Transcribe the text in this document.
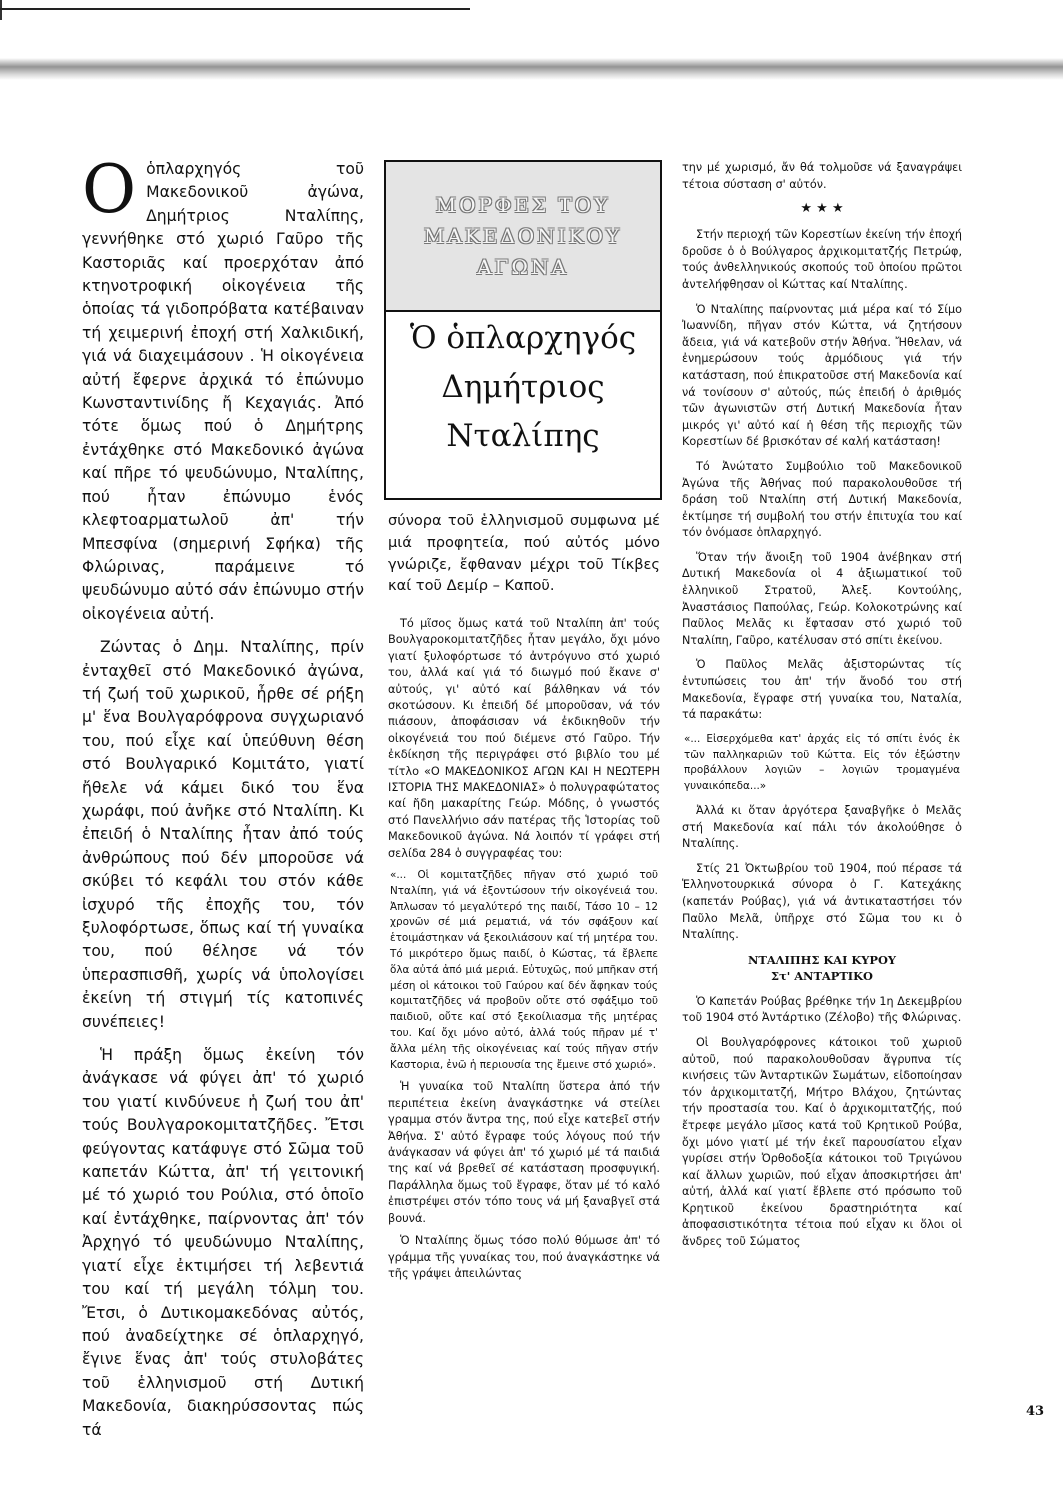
Ο ὁπλαρχηγός τοῦ Μακεδονικοῦ ἀγώνα, Δημήτριος Νταλίπης, γεννήθηκε στό χωριό Γαῦρο τῆς Καστοριᾶς καί προερχόταν ἀπό κτηνοτροφική οἰκογένεια τῆς ὁποίας τά γιδοπρόβατα κατέβαιναν τή χειμερινή ἐποχή στή Χαλκιδική, γιά νά διαχειμάσουν . Ἡ οἰκογένεια αὐτή ἔφερνε ἀρχικά τό ἐπώνυμο Κωνσταντινίδης ἤ Κεχαγιάς. Ἀπό τότε ὅμως πού ὁ Δημήτρης ἐντάχθηκε στό Μακεδονικό ἀγώνα καί πῆρε τό ψευδώνυμο, Νταλίπης, πού ἦταν ἐπώνυμο ἑνός κλεφτοαρματωλοῦ ἀπ' τήν Μπεσφίνα (σημερινή Σφήκα) τῆς Φλώρινας, παράμεινε τό ψευδώνυμο αὐτό σάν ἐπώνυμο στήν οἰκογένεια αὐτή.

Ζώντας ὁ Δημ. Νταλίπης, πρίν ἐνταχθεῖ στό Μακεδονικό ἀγώνα, τή ζωή τοῦ χωρικοῦ, ἦρθε σέ ρήξη μ' ἕνα Βουλγαρόφρονα συγχωριανό του, πού εἶχε καί ὑπεύθυνη θέση στό Βουλγαρικό Κομιτάτο, γιατί ἤθελε νά κάμει δικό του ἕνα χωράφι, πού ἀνῆκε στό Νταλίπη. Κι ἐπειδή ὁ Νταλίπης ἦταν ἀπό τούς ἀνθρώπους πού δέν μποροῦσε νά σκύβει τό κεφάλι του στόν κάθε ἰσχυρό τῆς ἐποχῆς του, τόν ξυλοφόρτωσε, ὅπως καί τή γυναίκα του, πού θέλησε νά τόν ὑπερασπισθῆ, χωρίς νά ὑπολογίσει ἐκείνη τή στιγμή τίς κατοπινές συνέπειες!

Ἡ πράξη ὅμως ἐκείνη τόν ἀνάγκασε νά φύγει ἀπ' τό χωριό του γιατί κινδύνευε ἡ ζωή του ἀπ' τούς Βουλγαροκομιτατζῆδες. Ἔτσι φεύγοντας κατάφυγε στό Σῶμα τοῦ καπετάν Κώττα, ἀπ' τή γειτονική μέ τό χωριό του Ρούλια, στό ὁποῖο καί ἐντάχθηκε, παίρνοντας ἀπ' τόν Ἀρχηγό τό ψευδώνυμο Νταλίπης, γιατί εἶχε ἐκτιμήσει τή λεβεντιά του καί τή μεγάλη τόλμη του. Ἔτσι, ὁ Δυτικομακεδόνας αὐτός, πού ἀναδείχτηκε σέ ὁπλαρχηγό, ἔγινε ἕνας ἀπ' τούς στυλοβάτες τοῦ ἑλληνισμοῦ στή Δυτική Μακεδονία, διακηρύσσοντας πώς τά

ΜΟΡΦΕΣ ΤΟΥ
ΜΑΚΕΔΟΝΙΚΟΥ
ΑΓΩΝΑ
Ὁ ὁπλαρχηγός
Δημήτριος
Νταλίπης
σύνορα τοῦ ἑλληνισμοῦ συμφωνα μέ μιά προφητεία, πού αὐτός μόνο γνώριζε, ἔφθαναν μέχρι τοῦ Τίκβες καί τοῦ Δεμίρ – Καποῦ.

Τό μῖσος ὅμως κατά τοῦ Νταλίπη ἀπ' τούς Βουλγαροκομιτατζῆδες ἦταν μεγάλο, ὄχι μόνο γιατί ξυλοφόρτωσε τό ἀντρόγυνο στό χωριό του, ἀλλά καί γιά τό διωγμό πού ἔκανε σ' αὐτούς, γι' αὐτό καί βάλθηκαν νά τόν σκοτώσουν. Κι ἐπειδή δέ μποροῦσαν, νά τόν πιάσουν, ἀποφάσισαν νά ἐκδικηθοῦν τήν οἰκογένειά του πού διέμενε στό Γαῦρο. Τήν ἐκδίκηση τῆς περιγράφει στό βιβλίο του μέ τίτλο «Ο ΜΑΚΕΔΟΝΙΚΟΣ ΑΓΩΝ ΚΑΙ Η ΝΕΩΤΕΡΗ ΙΣΤΟΡΙΑ ΤΗΣ ΜΑΚΕΔΟΝΙΑΣ» ὁ πολυγραφώτατος καί ἤδη μακαρίτης Γεώρ. Μόδης, ὁ γνωστός στό Πανελλήνιο σάν πατέρας τῆς Ἱστορίας τοῦ Μακεδονικοῦ ἀγώνα. Νά λοιπόν τί γράφει στή σελίδα 284 ὁ συγγραφέας του:

«... Οἱ κομιτατζῆδες πῆγαν στό χωριό τοῦ Νταλίπη, γιά νά ἐξοντώσουν τήν οἰκογένειά του. Ἀπλωσαν τό μεγαλύτερό της παιδί, Τάσο 10 – 12 χρονῶν σέ μιά ρεματιά, νά τόν σφάξουν καί ἑτοιμάστηκαν νά ξεκοιλιάσουν καί τή μητέρα του. Τό μικρότερο ὅμως παιδί, ὁ Κώστας, τά ἔβλεπε ὅλα αὐτά ἀπό μιά μεριά. Εὐτυχῶς, πού μπῆκαν στή μέση οἱ κάτοικοι τοῦ Γαύρου καί δέν ἄφηκαν τούς κομιτατζῆδες νά προβοῦν οὔτε στό σφάξιμο τοῦ παιδιοῦ, οὔτε καί στό ξεκοίλιασμα τῆς μητέρας του. Καί ὄχι μόνο αὐτό, ἀλλά τούς πῆραν μέ τ' ἄλλα μέλη τῆς οἰκογένειας καί τούς πῆγαν στήν Καστορια, ἐνῶ ἡ περιουσία της ἔμεινε στό χωριό».

Ἡ γυναίκα τοῦ Νταλίπη ὕστερα ἀπό τήν περιπέτεια ἐκείνη ἀναγκάστηκε νά στείλει γραμμα στόν ἄντρα της, πού εἶχε κατεβεῖ στήν Ἀθήνα. Σ' αὐτό ἔγραφε τούς λόγους πού τήν ἀνάγκασαν νά φύγει ἀπ' τό χωριό μέ τά παιδιά της καί νά βρεθεῖ σέ κατάσταση προσφυγική. Παράλληλα ὅμως τοῦ ἔγραφε, ὅταν μέ τό καλό ἐπιστρέψει στόν τόπο τους νά μή ξαναβγεῖ στά βουνά.

Ὁ Νταλίπης ὅμως τόσο πολύ θύμωσε ἀπ' τό γράμμα τῆς γυναίκας του, πού ἀναγκάστηκε νά τῆς γράψει ἀπειλώντας

την μέ χωρισμό, ἄν θά τολμοῦσε νά ξαναγράψει τέτοια σύσταση σ' αὐτόν.

★ ★ ★

Στήν περιοχή τῶν Κορεστίων ἐκείνη τήν ἐποχή δροῦσε ὁ ὁ Βούλγαρος ἀρχικομιτατζής Πετρώφ, τούς ἀνθελληνικούς σκοπούς τοῦ ὁποίου πρῶτοι ἀντελήφθησαν οἱ Κώττας καί Νταλίπης.

Ὁ Νταλίπης παίρνοντας μιά μέρα καί τό Σίμο Ἰωαννίδη, πῆγαν στόν Κώττα, νά ζητήσουν ἄδεια, γιά νά κατεβοῦν στήν Ἀθήνα. Ἤθελαν, νά ἐνημερώσουν τούς ἁρμόδιους γιά τήν κατάσταση, πού ἐπικρατοῦσε στή Μακεδονία καί νά τονίσουν σ' αὐτούς, πώς ἐπειδή ὁ ἀριθμός τῶν ἀγωνιστῶν στή Δυτική Μακεδονία ἦταν μικρός γι' αὐτό καί ἡ θέση τῆς περιοχῆς τῶν Κορεστίων δέ βρισκόταν σέ καλή κατάσταση!

Τό Ἀνώτατο Συμβούλιο τοῦ Μακεδονικοῦ Ἀγώνα τῆς Ἀθήνας πού παρακολουθοῦσε τή δράση τοῦ Νταλίπη στή Δυτική Μακεδονία, ἐκτίμησε τή συμβολή του στήν ἐπιτυχία του καί τόν ὀνόμασε ὁπλαρχηγό.

Ὅταν τήν ἄνοιξη τοῦ 1904 ἀνέβηκαν στή Δυτική Μακεδονία οἱ 4 ἀξιωματικοί τοῦ ἑλληνικοῦ Στρατοῦ, Ἀλεξ. Κοντούλης, Ἀναστάσιος Παπούλας, Γεώρ. Κολοκοτρώνης καί Παῦλος Μελᾶς κι ἔφτασαν στό χωριό τοῦ Νταλίπη, Γαῦρο, κατέλυσαν στό σπίτι ἐκείνου.

Ὁ Παῦλος Μελᾶς ἀξιστορώντας τίς ἐντυπώσεις του ἀπ' τήν ἄνοδό του στή Μακεδονία, ἔγραφε στή γυναίκα του, Ναταλία, τά παρακάτω:

«... Εἰσερχόμεθα κατ' ἀρχάς εἰς τό σπίτι ἑνός ἐκ τῶν παλληκαριῶν τοῦ Κώττα. Εἰς τόν ἐξώστην προβάλλουν λογιῶν – λογιῶν τρομαγμένα γυναικόπεδα...»

Ἀλλά κι ὅταν ἀργότερα ξαναβγῆκε ὁ Μελᾶς στή Μακεδονία καί πάλι τόν ἀκολούθησε ὁ Νταλίπης.

Στίς 21 Ὀκτωβρίου τοῦ 1904, πού πέρασε τά Ἑλληνοτουρκικά σύνορα ὁ Γ. Κατεχάκης (καπετάν Ρούβας), γιά νά ἀντικαταστήσει τόν Παῦλο Μελᾶ, ὑπῆρχε στό Σῶμα του κι ὁ Νταλίπης.

ΝΤΑΛΙΠΗΣ ΚΑΙ ΚΥΡΟΥ
Στ' ΑΝΤΑΡΤΙΚΟ

Ὁ Καπετάν Ρούβας βρέθηκε τήν 1η Δεκεμβρίου τοῦ 1904 στό Ἀντάρτικο (Ζέλοβο) τῆς Φλώρινας.

Οἱ Βουλγαρόφρονες κάτοικοι τοῦ χωριοῦ αὐτοῦ, πού παρακολουθοῦσαν ἄγρυπνα τίς κινήσεις τῶν Ἀνταρτικῶν Σωμάτων, εἰδοποίησαν τόν ἀρχικομιτατζή, Μήτρο Βλάχου, ζητώντας τήν προστασία του. Καί ὁ ἀρχικομιτατζής, πού ἔτρεφε μεγάλο μῖσος κατά τοῦ Κρητικοῦ Ρούβα, ὄχι μόνο γιατί μέ τήν ἐκεῖ παρουσίατου εἶχαν γυρίσει στήν Ὀρθοδοξία κάτοικοι τοῦ Τριγώνου καί ἄλλων χωριῶν, πού εἶχαν ἀποσκιρτήσει ἀπ' αὐτή, ἀλλά καί γιατί ἔβλεπε στό πρόσωπο τοῦ Κρητικοῦ ἐκείνου δραστηριότητα καί ἀποφασιστικότητα τέτοια πού εἶχαν κι ὅλοι οἱ ἄνδρες τοῦ Σώματος

43
